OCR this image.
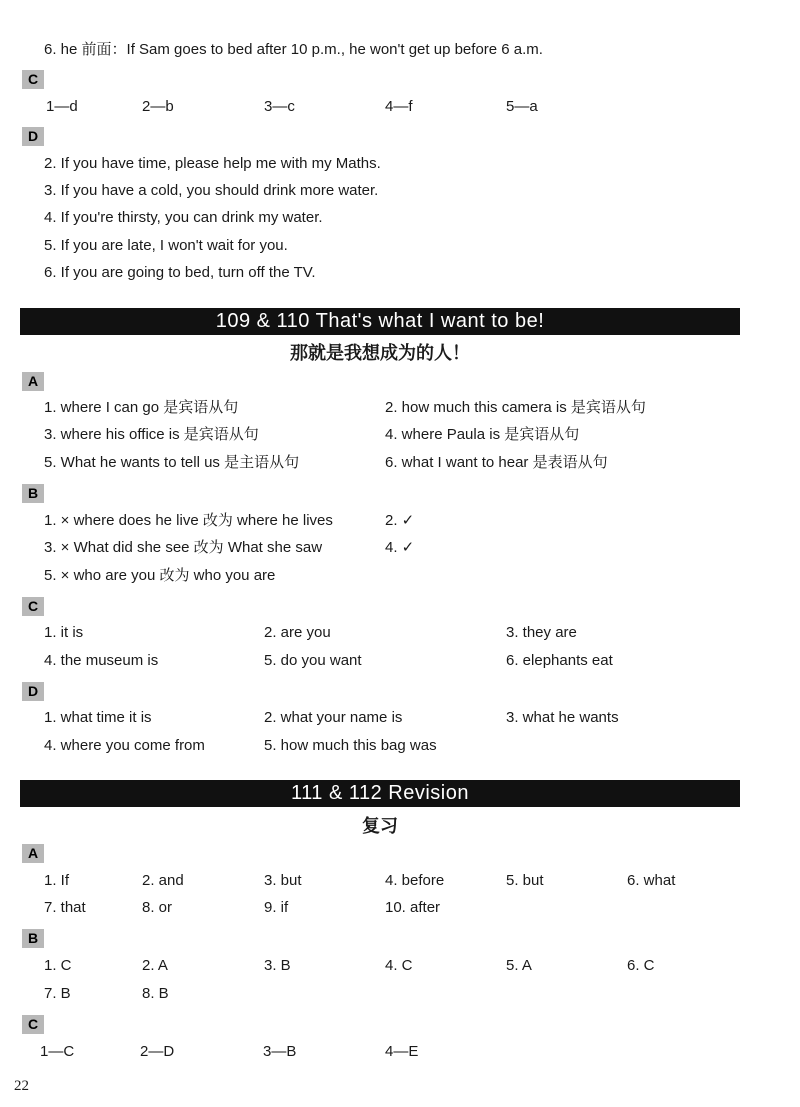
6. he 前面：If Sam goes to bed after 10 p.m., he won't get up before 6 a.m.
C
1—d	2—b	3—c	4—f	5—a
D
2. If you have time, please help me with my Maths.
3. If you have a cold, you should drink more water.
4. If you're thirsty, you can drink my water.
5. If you are late, I won't wait for you.
6. If you are going to bed, turn off the TV.
109 & 110 That's what I want to be!
那就是我想成为的人！
A
1. where I can go 是宾语从句	2. how much this camera is 是宾语从句
3. where his office is 是宾语从句	4. where Paula is 是宾语从句
5. What he wants to tell us 是主语从句	6. what I want to hear 是表语从句
B
1. × where does he live 改为 where he lives	2. ✓
3. × What did she see 改为 What she saw	4. ✓
5. × who are you 改为 who you are
C
1. it is	2. are you	3. they are
4. the museum is	5. do you want	6. elephants eat
D
1. what time it is	2. what your name is	3. what he wants
4. where you come from	5. how much this bag was
111 & 112 Revision
复习
A
1. If	2. and	3. but	4. before	5. but	6. what
7. that	8. or	9. if	10. after
B
1. C	2. A	3. B	4. C	5. A	6. C
7. B	8. B
C
1—C	2—D	3—B	4—E
22
